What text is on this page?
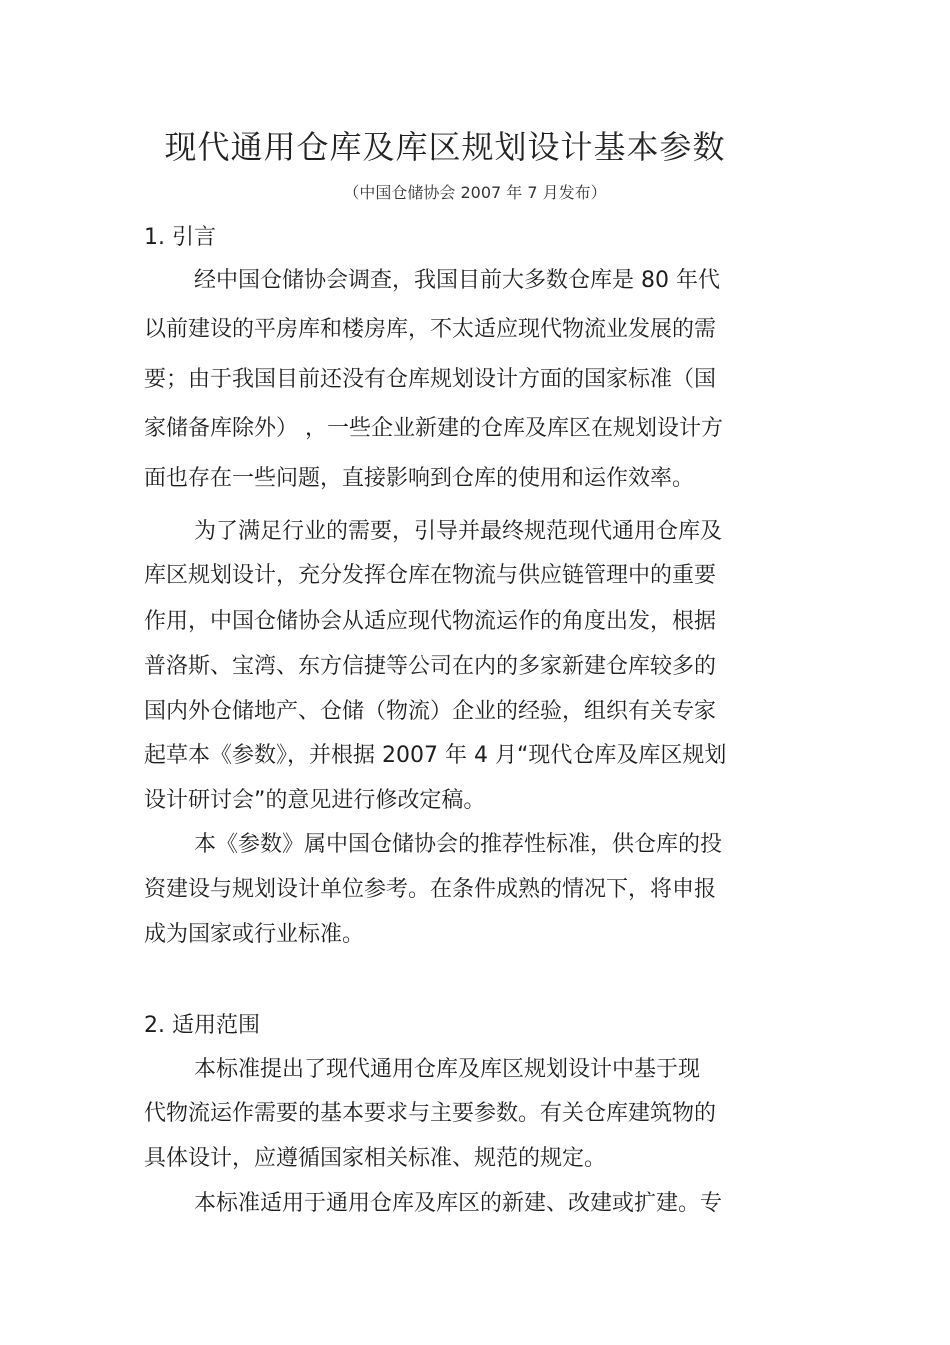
现代通用仓库及库区规划设计基本参数
（中国仓储协会 2007 年 7 月发布）
1. 引言
经中国仓储协会调查，我国目前大多数仓库是 80 年代
以前建设的平房库和楼房库，不太适应现代物流业发展的需
要；由于我国目前还没有仓库规划设计方面的国家标准（国
家储备库除外） ，一些企业新建的仓库及库区在规划设计方
面也存在一些问题，直接影响到仓库的使用和运作效率。
为了满足行业的需要，引导并最终规范现代通用仓库及
库区规划设计，充分发挥仓库在物流与供应链管理中的重要
作用，中国仓储协会从适应现代物流运作的角度出发，根据
普洛斯、宝湾、东方信捷等公司在内的多家新建仓库较多的
国内外仓储地产、仓储（物流）企业的经验，组织有关专家
起草本《参数》，并根据 2007 年 4 月“现代仓库及库区规划
设计研讨会”的意见进行修改定稿。
本《参数》属中国仓储协会的推荐性标准，供仓库的投
资建设与规划设计单位参考。在条件成熟的情况下，将申报
成为国家或行业标准。
2. 适用范围
本标准提出了现代通用仓库及库区规划设计中基于现
代物流运作需要的基本要求与主要参数。有关仓库建筑物的
具体设计，应遵循国家相关标准、规范的规定。
本标准适用于通用仓库及库区的新建、改建或扩建。专
